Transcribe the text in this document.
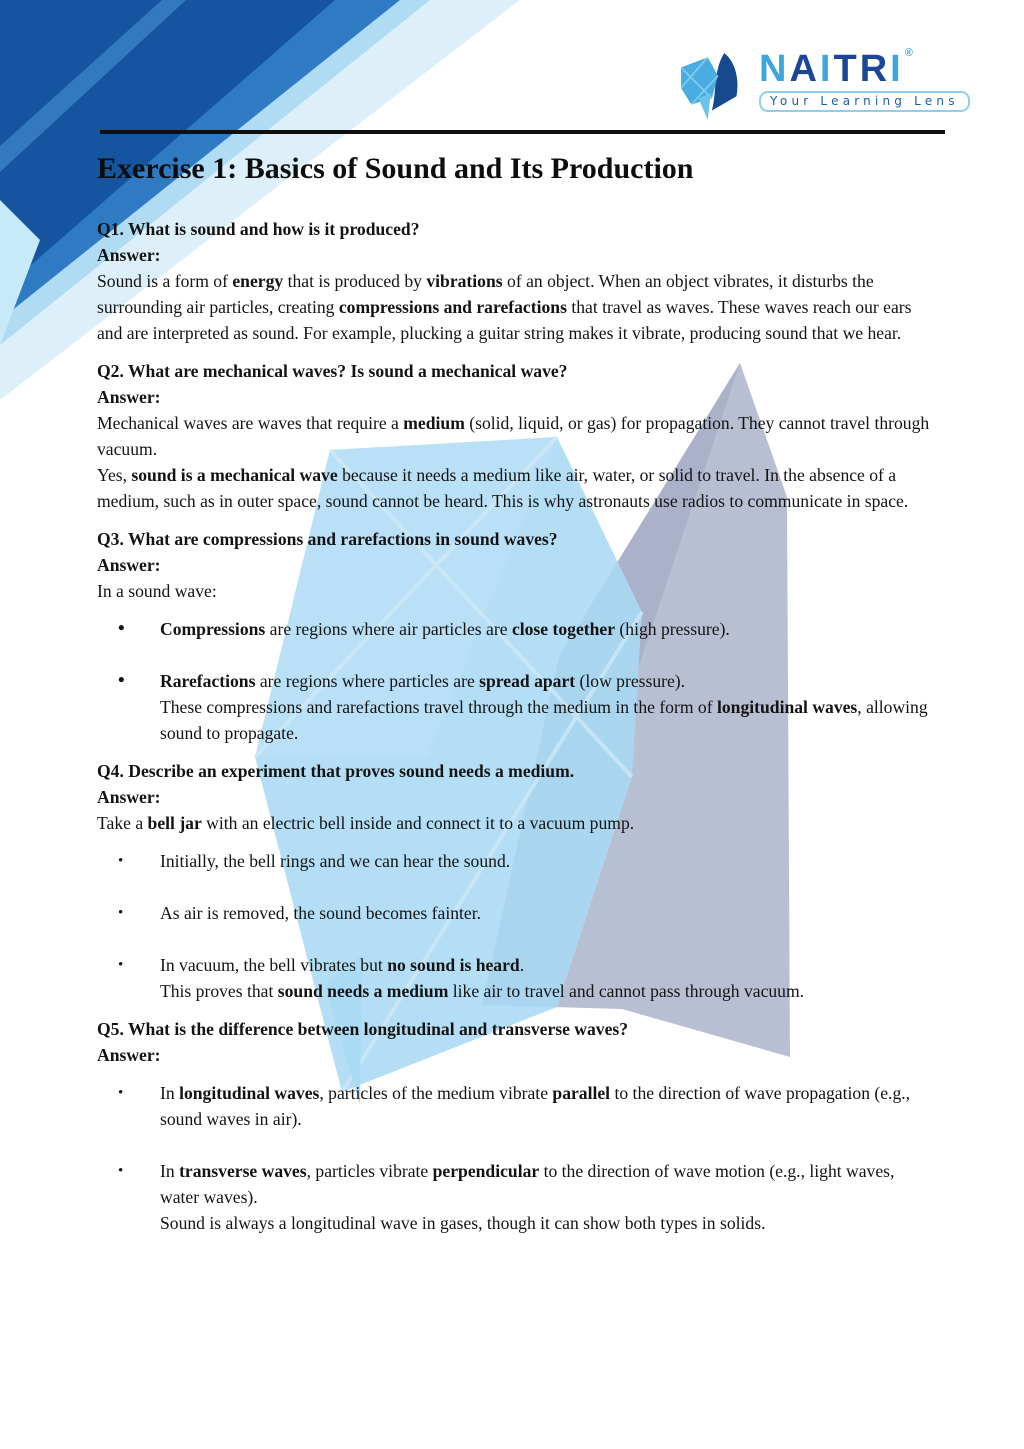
N A I T R I®
Your Learning Lens
Exercise 1: Basics of Sound and Its Production
Q1. What is sound and how is it produced?
Answer:
Sound is a form of energy that is produced by vibrations of an object. When an object vibrates, it disturbs the surrounding air particles, creating compressions and rarefactions that travel as waves. These waves reach our ears and are interpreted as sound. For example, plucking a guitar string makes it vibrate, producing sound that we hear.
Q2. What are mechanical waves? Is sound a mechanical wave?
Answer:
Mechanical waves are waves that require a medium (solid, liquid, or gas) for propagation. They cannot travel through vacuum.
Yes, sound is a mechanical wave because it needs a medium like air, water, or solid to travel. In the absence of a medium, such as in outer space, sound cannot be heard. This is why astronauts use radios to communicate in space.
Q3. What are compressions and rarefactions in sound waves?
Answer:
In a sound wave:
• Compressions are regions where air particles are close together (high pressure).
• Rarefactions are regions where particles are spread apart (low pressure).
These compressions and rarefactions travel through the medium in the form of longitudinal waves, allowing sound to propagate.
Q4. Describe an experiment that proves sound needs a medium.
Answer:
Take a bell jar with an electric bell inside and connect it to a vacuum pump.
• Initially, the bell rings and we can hear the sound.
• As air is removed, the sound becomes fainter.
• In vacuum, the bell vibrates but no sound is heard.
This proves that sound needs a medium like air to travel and cannot pass through vacuum.
Q5. What is the difference between longitudinal and transverse waves?
Answer:
• In longitudinal waves, particles of the medium vibrate parallel to the direction of wave propagation (e.g., sound waves in air).
• In transverse waves, particles vibrate perpendicular to the direction of wave motion (e.g., light waves, water waves).
Sound is always a longitudinal wave in gases, though it can show both types in solids.
